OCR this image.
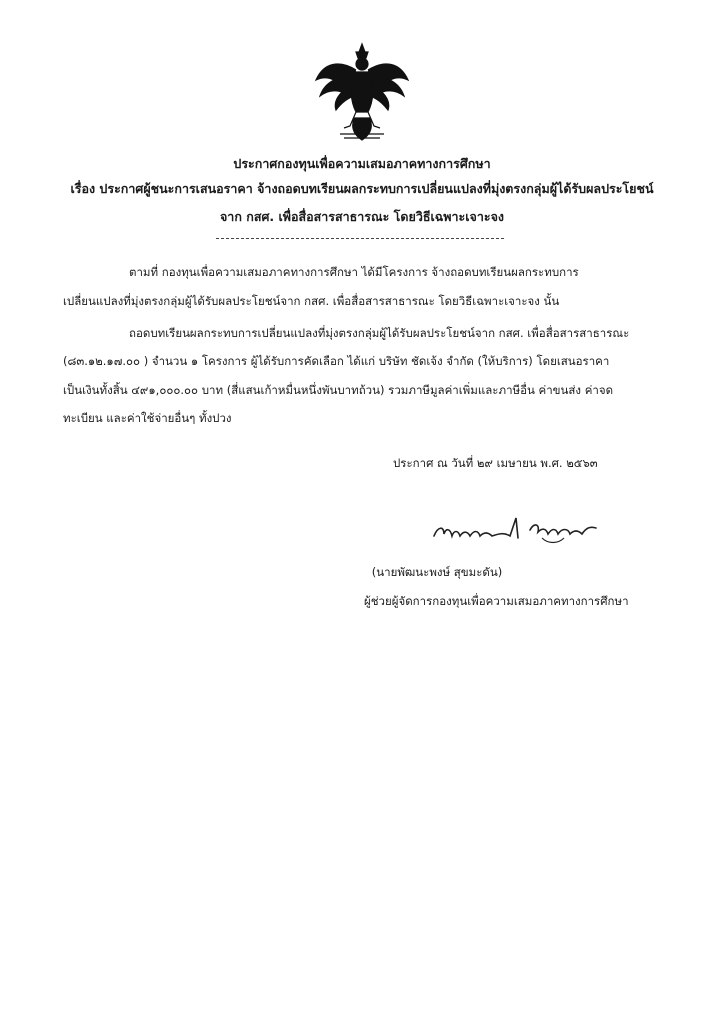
ประกาศกองทุนเพื่อความเสมอภาคทางการศึกษา
เรื่อง ประกาศผู้ชนะการเสนอราคา จ้างถอดบทเรียนผลกระทบการเปลี่ยนแปลงที่มุ่งตรงกลุ่มผู้ได้รับผลประโยชน์
จาก กสศ. เพื่อสื่อสารสาธารณะ โดยวิธีเฉพาะเจาะจง
ตามที่ กองทุนเพื่อความเสมอภาคทางการศึกษา ได้มีโครงการ จ้างถอดบทเรียนผลกระทบการ
เปลี่ยนแปลงที่มุ่งตรงกลุ่มผู้ได้รับผลประโยชน์จาก กสศ. เพื่อสื่อสารสาธารณะ โดยวิธีเฉพาะเจาะจง นั้น
ถอดบทเรียนผลกระทบการเปลี่ยนแปลงที่มุ่งตรงกลุ่มผู้ได้รับผลประโยชน์จาก กสศ. เพื่อสื่อสารสาธารณะ
(๘๓.๑๒.๑๗.๐๐ ) จำนวน ๑ โครงการ ผู้ได้รับการคัดเลือก ได้แก่ บริษัท ชัดเจ้ง จำกัด (ให้บริการ) โดยเสนอราคา
เป็นเงินทั้งสิ้น ๔๙๑,๐๐๐.๐๐ บาท (สี่แสนเก้าหมื่นหนึ่งพันบาทถ้วน) รวมภาษีมูลค่าเพิ่มและภาษีอื่น ค่าขนส่ง ค่าจด
ทะเบียน และค่าใช้จ่ายอื่นๆ ทั้งปวง
ประกาศ ณ วันที่ ๒๙ เมษายน พ.ศ. ๒๕๖๓
(นายพัฒนะพงษ์ สุขมะดัน)
ผู้ช่วยผู้จัดการกองทุนเพื่อความเสมอภาคทางการศึกษา
